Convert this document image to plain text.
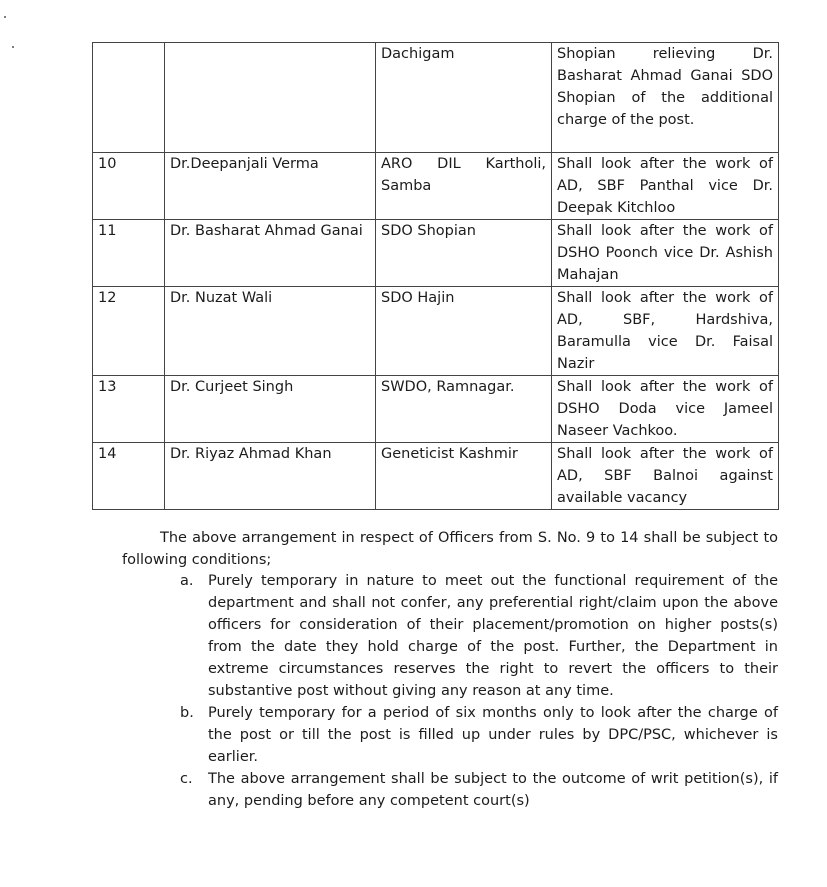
		Dachigam	Shopian relieving Dr. Basharat Ahmad Ganai SDO Shopian of the additional charge of the post.
10	Dr.Deepanjali Verma	ARO DIL Kartholi, Samba	Shall look after the work of AD, SBF Panthal vice Dr. Deepak Kitchloo
11	Dr. Basharat Ahmad Ganai	SDO Shopian	Shall look after the work of DSHO Poonch vice Dr. Ashish Mahajan
12	Dr. Nuzat Wali	SDO Hajin	Shall look after the work of AD, SBF, Hardshiva, Baramulla vice Dr. Faisal Nazir
13	Dr. Curjeet Singh	SWDO, Ramnagar.	Shall look after the work of DSHO Doda vice Jameel Naseer Vachkoo.
14	Dr. Riyaz Ahmad Khan	Geneticist Kashmir	Shall look after the work of AD, SBF Balnoi against available vacancy

The above arrangement in respect of Officers from S. No. 9 to 14 shall be subject to following conditions;

a. Purely temporary in nature to meet out the functional requirement of the department and shall not confer, any preferential right/claim upon the above officers for consideration of their placement/promotion on higher posts(s) from the date they hold charge of the post. Further, the Department in extreme circumstances reserves the right to revert the officers to their substantive post without giving any reason at any time.
b. Purely temporary for a period of six months only to look after the charge of the post or till the post is filled up under rules by DPC/PSC, whichever is earlier.
c. The above arrangement shall be subject to the outcome of writ petition(s), if any, pending before any competent court(s)
